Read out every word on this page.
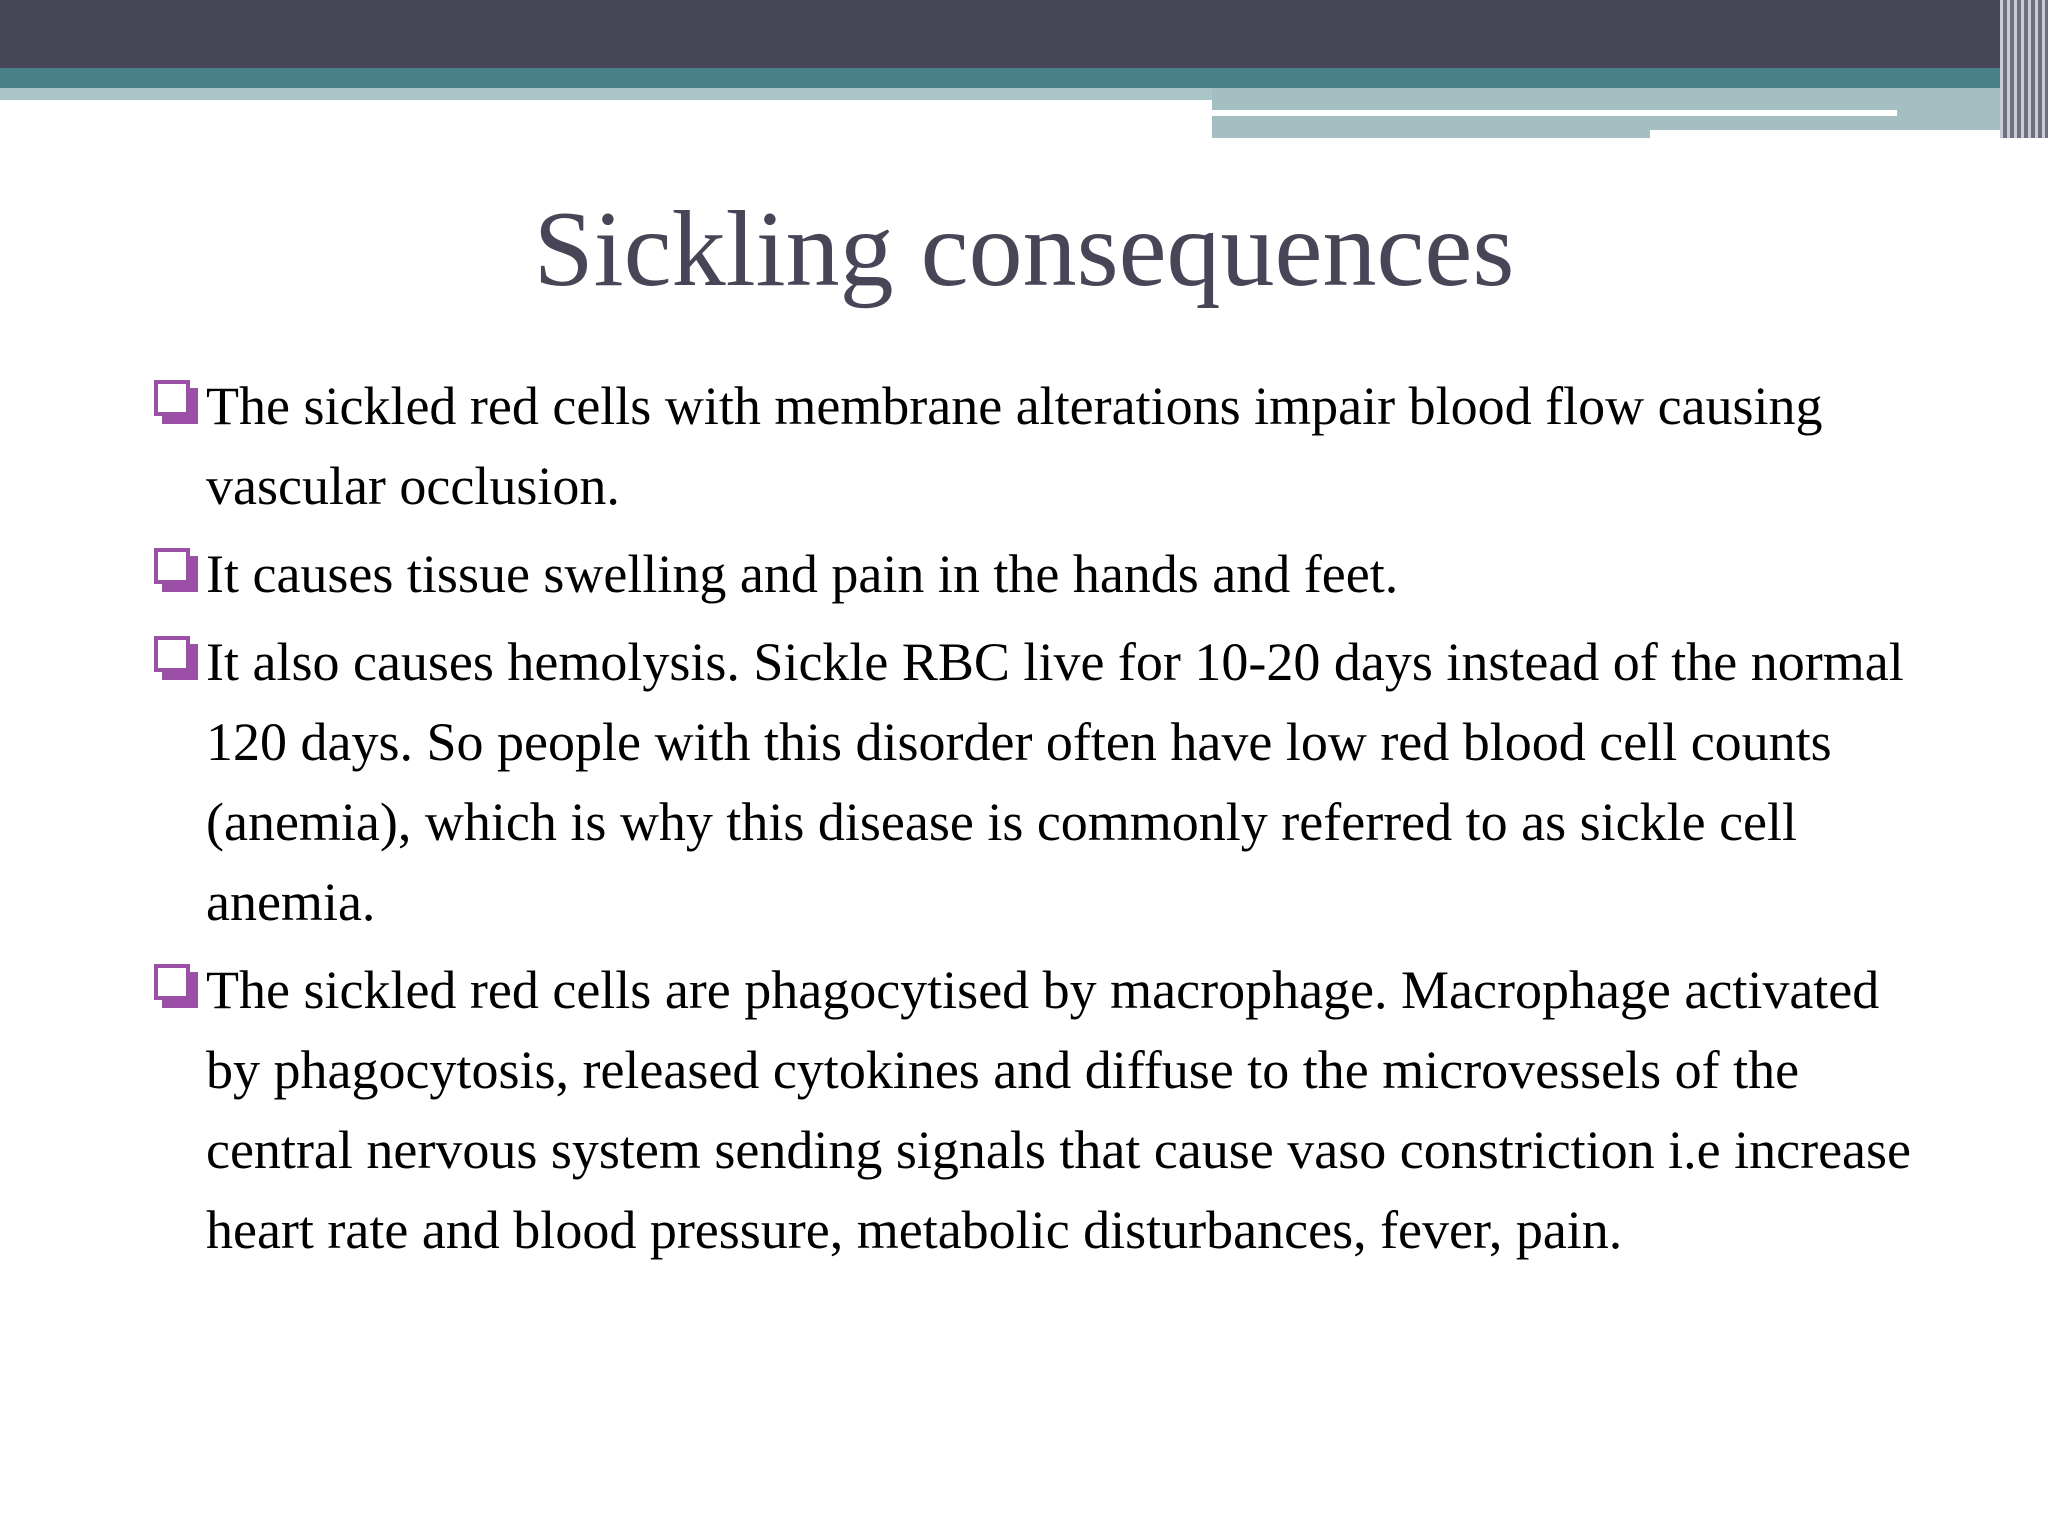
Sickling consequences
The sickled red cells with membrane alterations impair blood flow causing vascular occlusion.
It causes tissue swelling and pain in the hands and feet.
It also causes hemolysis. Sickle RBC live for 10-20 days instead of the normal 120 days. So people with this disorder often have low red blood cell counts (anemia), which is why this disease is commonly referred to as sickle cell anemia.
The sickled red cells are phagocytised by macrophage. Macrophage activated by phagocytosis, released cytokines and diffuse to the microvessels of the central nervous system sending signals that cause vaso constriction i.e increase heart rate and blood pressure, metabolic disturbances, fever, pain.
